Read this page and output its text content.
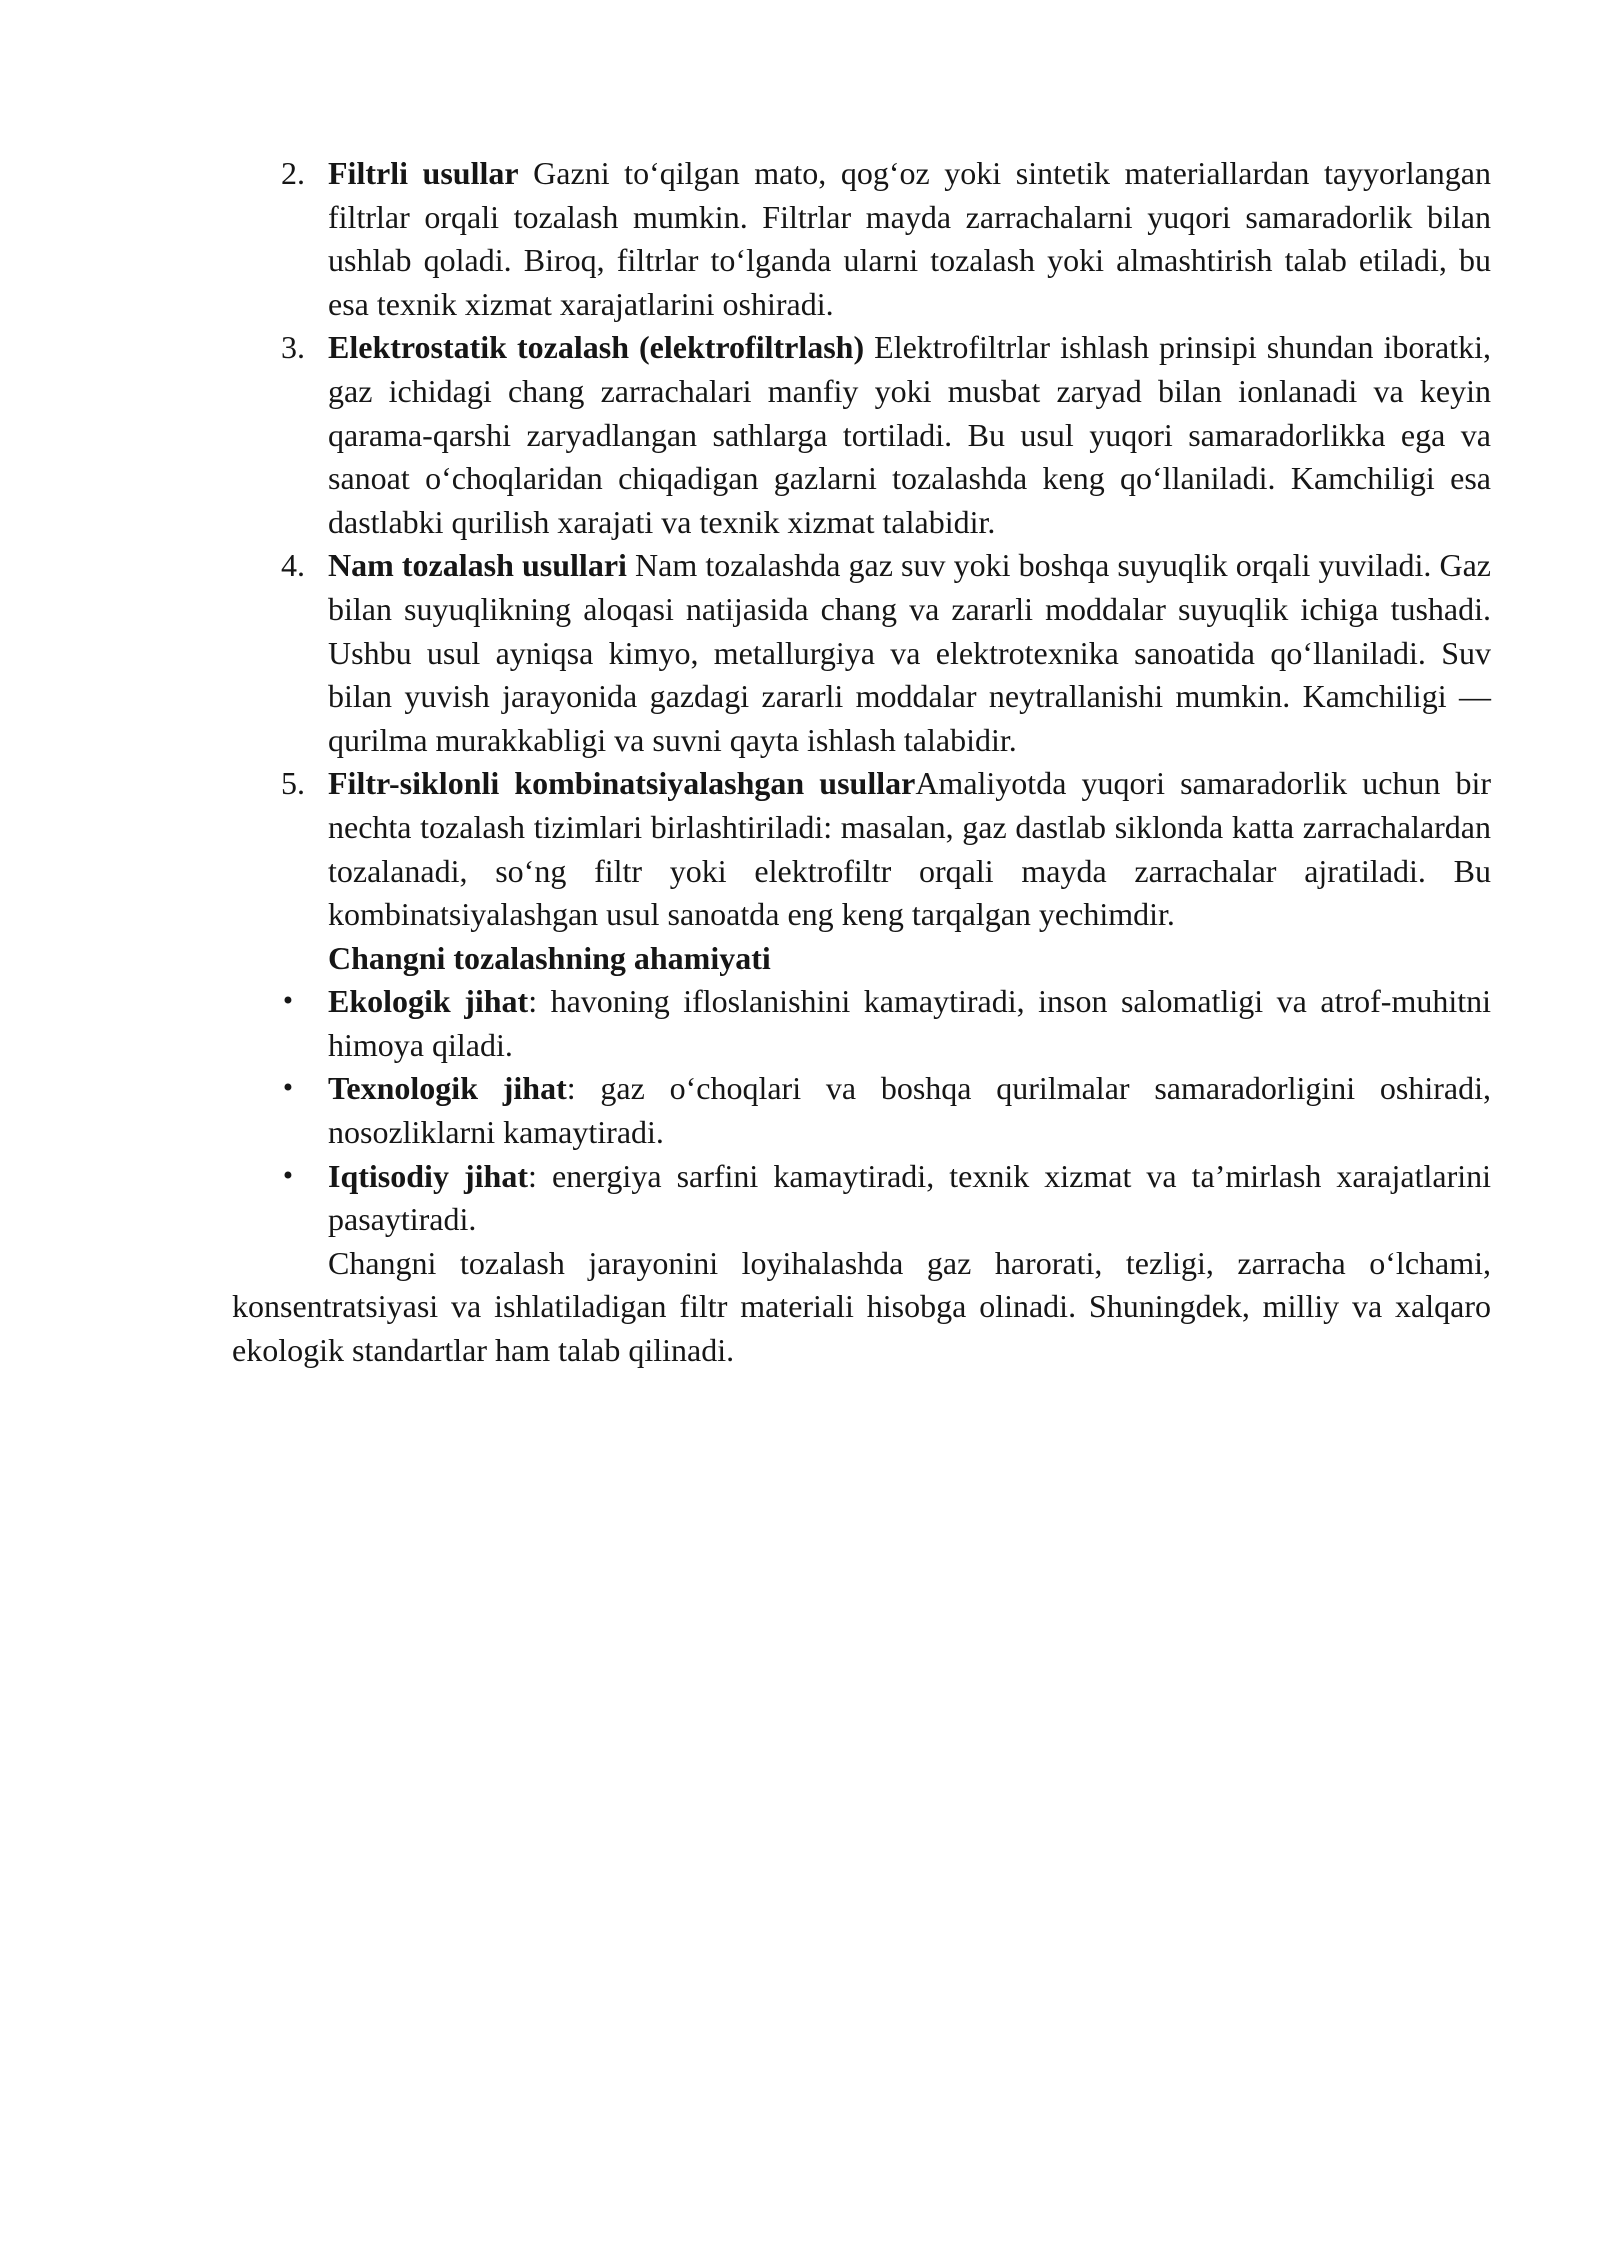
2. Filtrli usullar Gazni to‘qilgan mato, qog‘oz yoki sintetik materiallardan tayyorlangan filtrlar orqali tozalash mumkin. Filtrlar mayda zarrachalarni yuqori samaradorlik bilan ushlab qoladi. Biroq, filtrlar to‘lganda ularni tozalash yoki almashtirish talab etiladi, bu esa texnik xizmat xarajatlarini oshiradi.
3. Elektrostatik tozalash (elektrofiltrlash) Elektrofiltrlar ishlash prinsipi shundan iboratki, gaz ichidagi chang zarrachalari manfiy yoki musbat zaryad bilan ionlanadi va keyin qarama-qarshi zaryadlangan sathlarga tortiladi. Bu usul yuqori samaradorlikka ega va sanoat o‘choqlaridan chiqadigan gazlarni tozalashda keng qo‘llaniladi. Kamchiligi esa dastlabki qurilish xarajati va texnik xizmat talabidir.
4. Nam tozalash usullari Nam tozalashda gaz suv yoki boshqa suyuqlik orqali yuviladi. Gaz bilan suyuqlikning aloqasi natijasida chang va zararli moddalar suyuqlik ichiga tushadi. Ushbu usul ayniqsa kimyo, metallurgiya va elektrotexnika sanoatida qo‘llaniladi. Suv bilan yuvish jarayonida gazdagi zararli moddalar neytrallanishi mumkin. Kamchiligi — qurilma murakkabligi va suvni qayta ishlash talabidir.
5. Filtr-siklonli kombinatsiyalashgan usullarAmaliyotda yuqori samaradorlik uchun bir nechta tozalash tizimlari birlashtiriladi: masalan, gaz dastlab siklonda katta zarrachalardan tozalanadi, so‘ng filtr yoki elektrofiltr orqali mayda zarrachalar ajratiladi. Bu kombinatsiyalashgan usul sanoatda eng keng tarqalgan yechimdir.
Changni tozalashning ahamiyati
• Ekologik jihat: havoning ifloslanishini kamaytiradi, inson salomatligi va atrof-muhitni himoya qiladi.
• Texnologik jihat: gaz o‘choqlari va boshqa qurilmalar samaradorligini oshiradi, nosozliklarni kamaytiradi.
• Iqtisodiy jihat: energiya sarfini kamaytiradi, texnik xizmat va ta’mirlash xarajatlarini pasaytiradi.
Changni tozalash jarayonini loyihalashda gaz harorati, tezligi, zarracha o‘lchami, konsentratsiyasi va ishlatiladigan filtr materiali hisobga olinadi. Shuningdek, milliy va xalqaro ekologik standartlar ham talab qilinadi.
